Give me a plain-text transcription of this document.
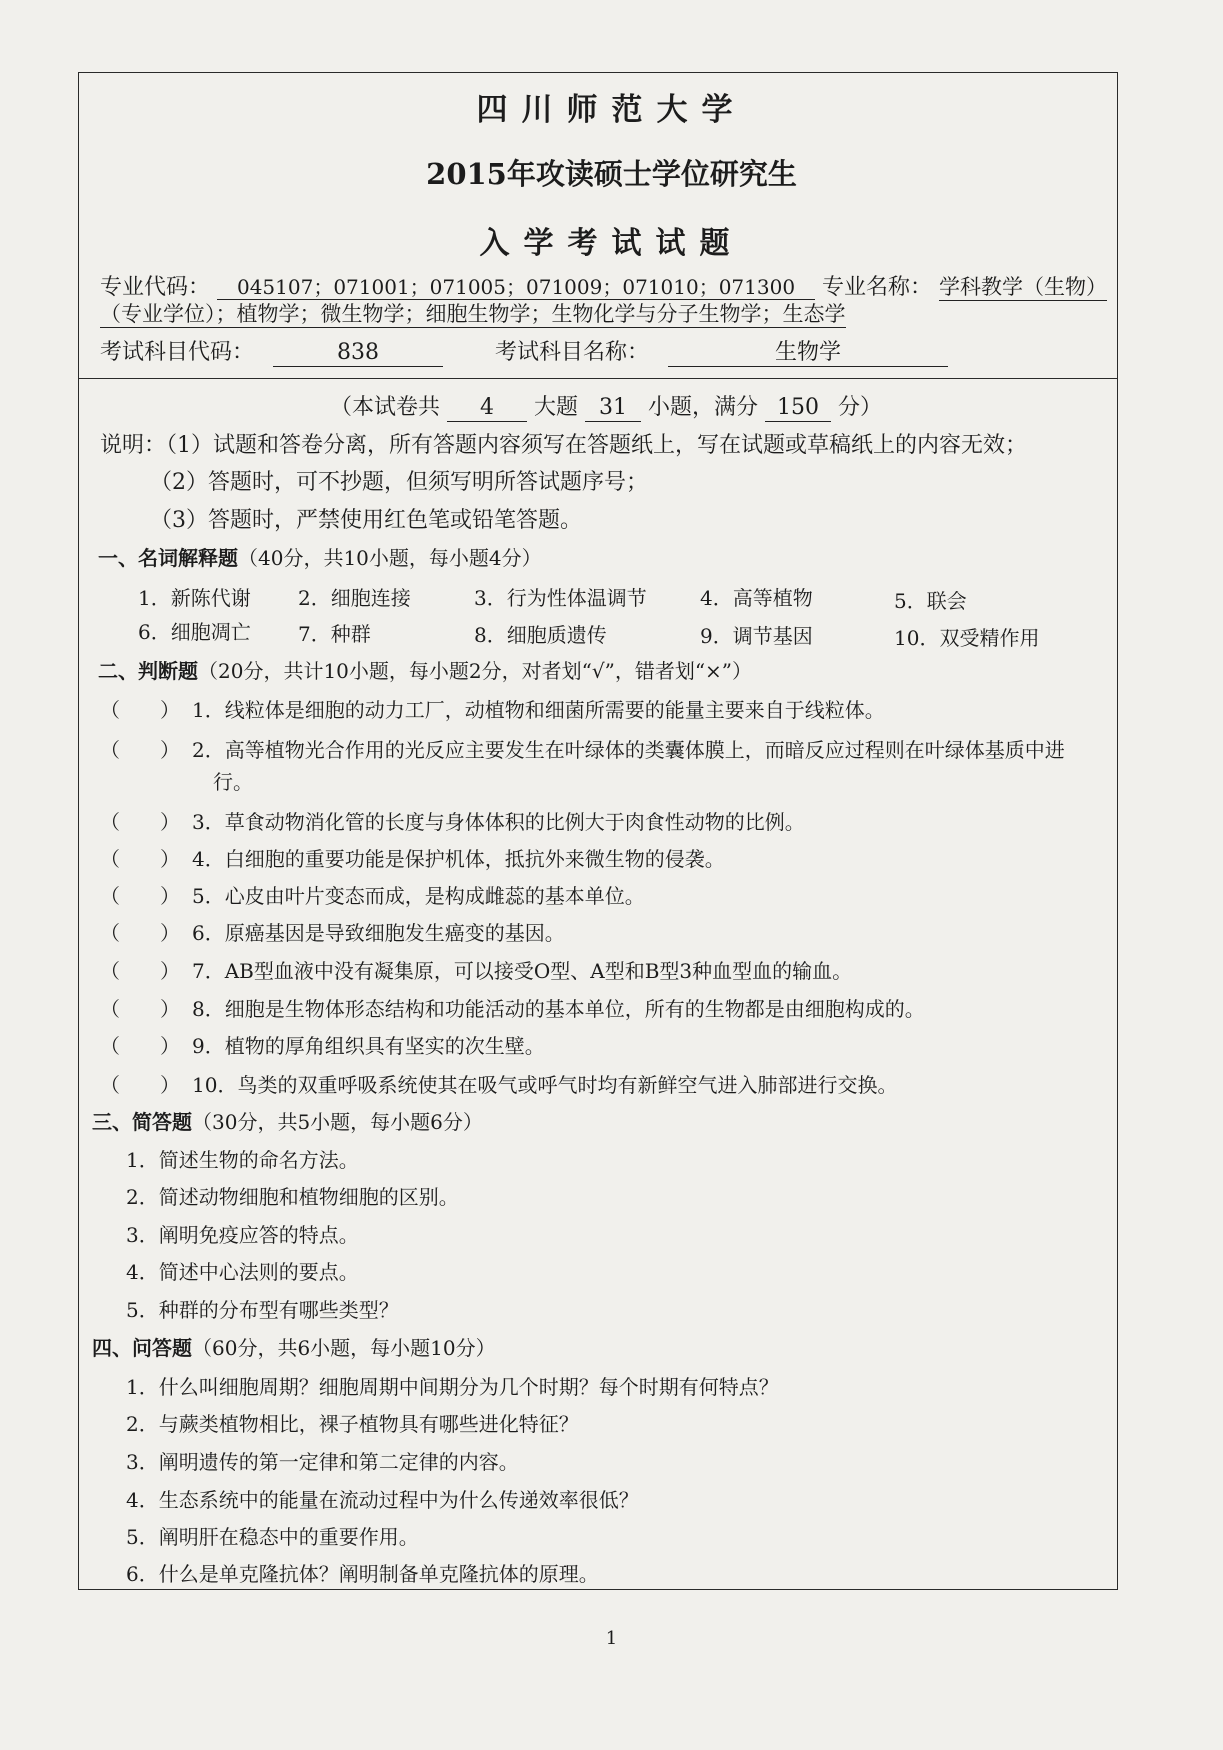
四川师范大学
2015年攻读硕士学位研究生
入学考试试题
专业代码： 045107；071001；071005；071009；071010；071300 专业名称： 学科教学（生物）
（专业学位）；植物学；微生物学；细胞生物学；生物化学与分子生物学；生态学
考试科目代码：	838	考试科目名称：	生物学
（本试卷共 4 大题 31 小题，满分 150 分）
说明：（1）试题和答卷分离，所有答题内容须写在答题纸上，写在试题或草稿纸上的内容无效；
（2）答题时，可不抄题，但须写明所答试题序号；
（3）答题时，严禁使用红色笔或铅笔答题。
一、名词解释题（40分，共10小题，每小题4分）
1．新陈代谢 2．细胞连接	3．行为性体温调节	4．高等植物	5．联会
6．细胞凋亡 7．种群	8．细胞质遗传	9．调节基因	10．双受精作用
二、判断题（20分，共计10小题，每小题2分，对者划“√”，错者划“×”）
（　　） 1．线粒体是细胞的动力工厂，动植物和细菌所需要的能量主要来自于线粒体。
（　　） 2．高等植物光合作用的光反应主要发生在叶绿体的类囊体膜上，而暗反应过程则在叶绿体基质中进
行。
（　　） 3．草食动物消化管的长度与身体体积的比例大于肉食性动物的比例。
（　　） 4．白细胞的重要功能是保护机体，抵抗外来微生物的侵袭。
（　　） 5．心皮由叶片变态而成，是构成雌蕊的基本单位。
（　　） 6．原癌基因是导致细胞发生癌变的基因。
（　　） 7．AB型血液中没有凝集原，可以接受O型、A型和B型3种血型血的输血。
（　　） 8．细胞是生物体形态结构和功能活动的基本单位，所有的生物都是由细胞构成的。
（　　） 9．植物的厚角组织具有坚实的次生壁。
（　　） 10．鸟类的双重呼吸系统使其在吸气或呼气时均有新鲜空气进入肺部进行交换。
三、简答题（30分，共5小题，每小题6分）
1．简述生物的命名方法。
2．简述动物细胞和植物细胞的区别。
3．阐明免疫应答的特点。
4．简述中心法则的要点。
5．种群的分布型有哪些类型？
四、问答题（60分，共6小题，每小题10分）
1．什么叫细胞周期？细胞周期中间期分为几个时期？每个时期有何特点？
2．与蕨类植物相比，裸子植物具有哪些进化特征？
3．阐明遗传的第一定律和第二定律的内容。
4．生态系统中的能量在流动过程中为什么传递效率很低？
5．阐明肝在稳态中的重要作用。
6．什么是单克隆抗体？阐明制备单克隆抗体的原理。
1
